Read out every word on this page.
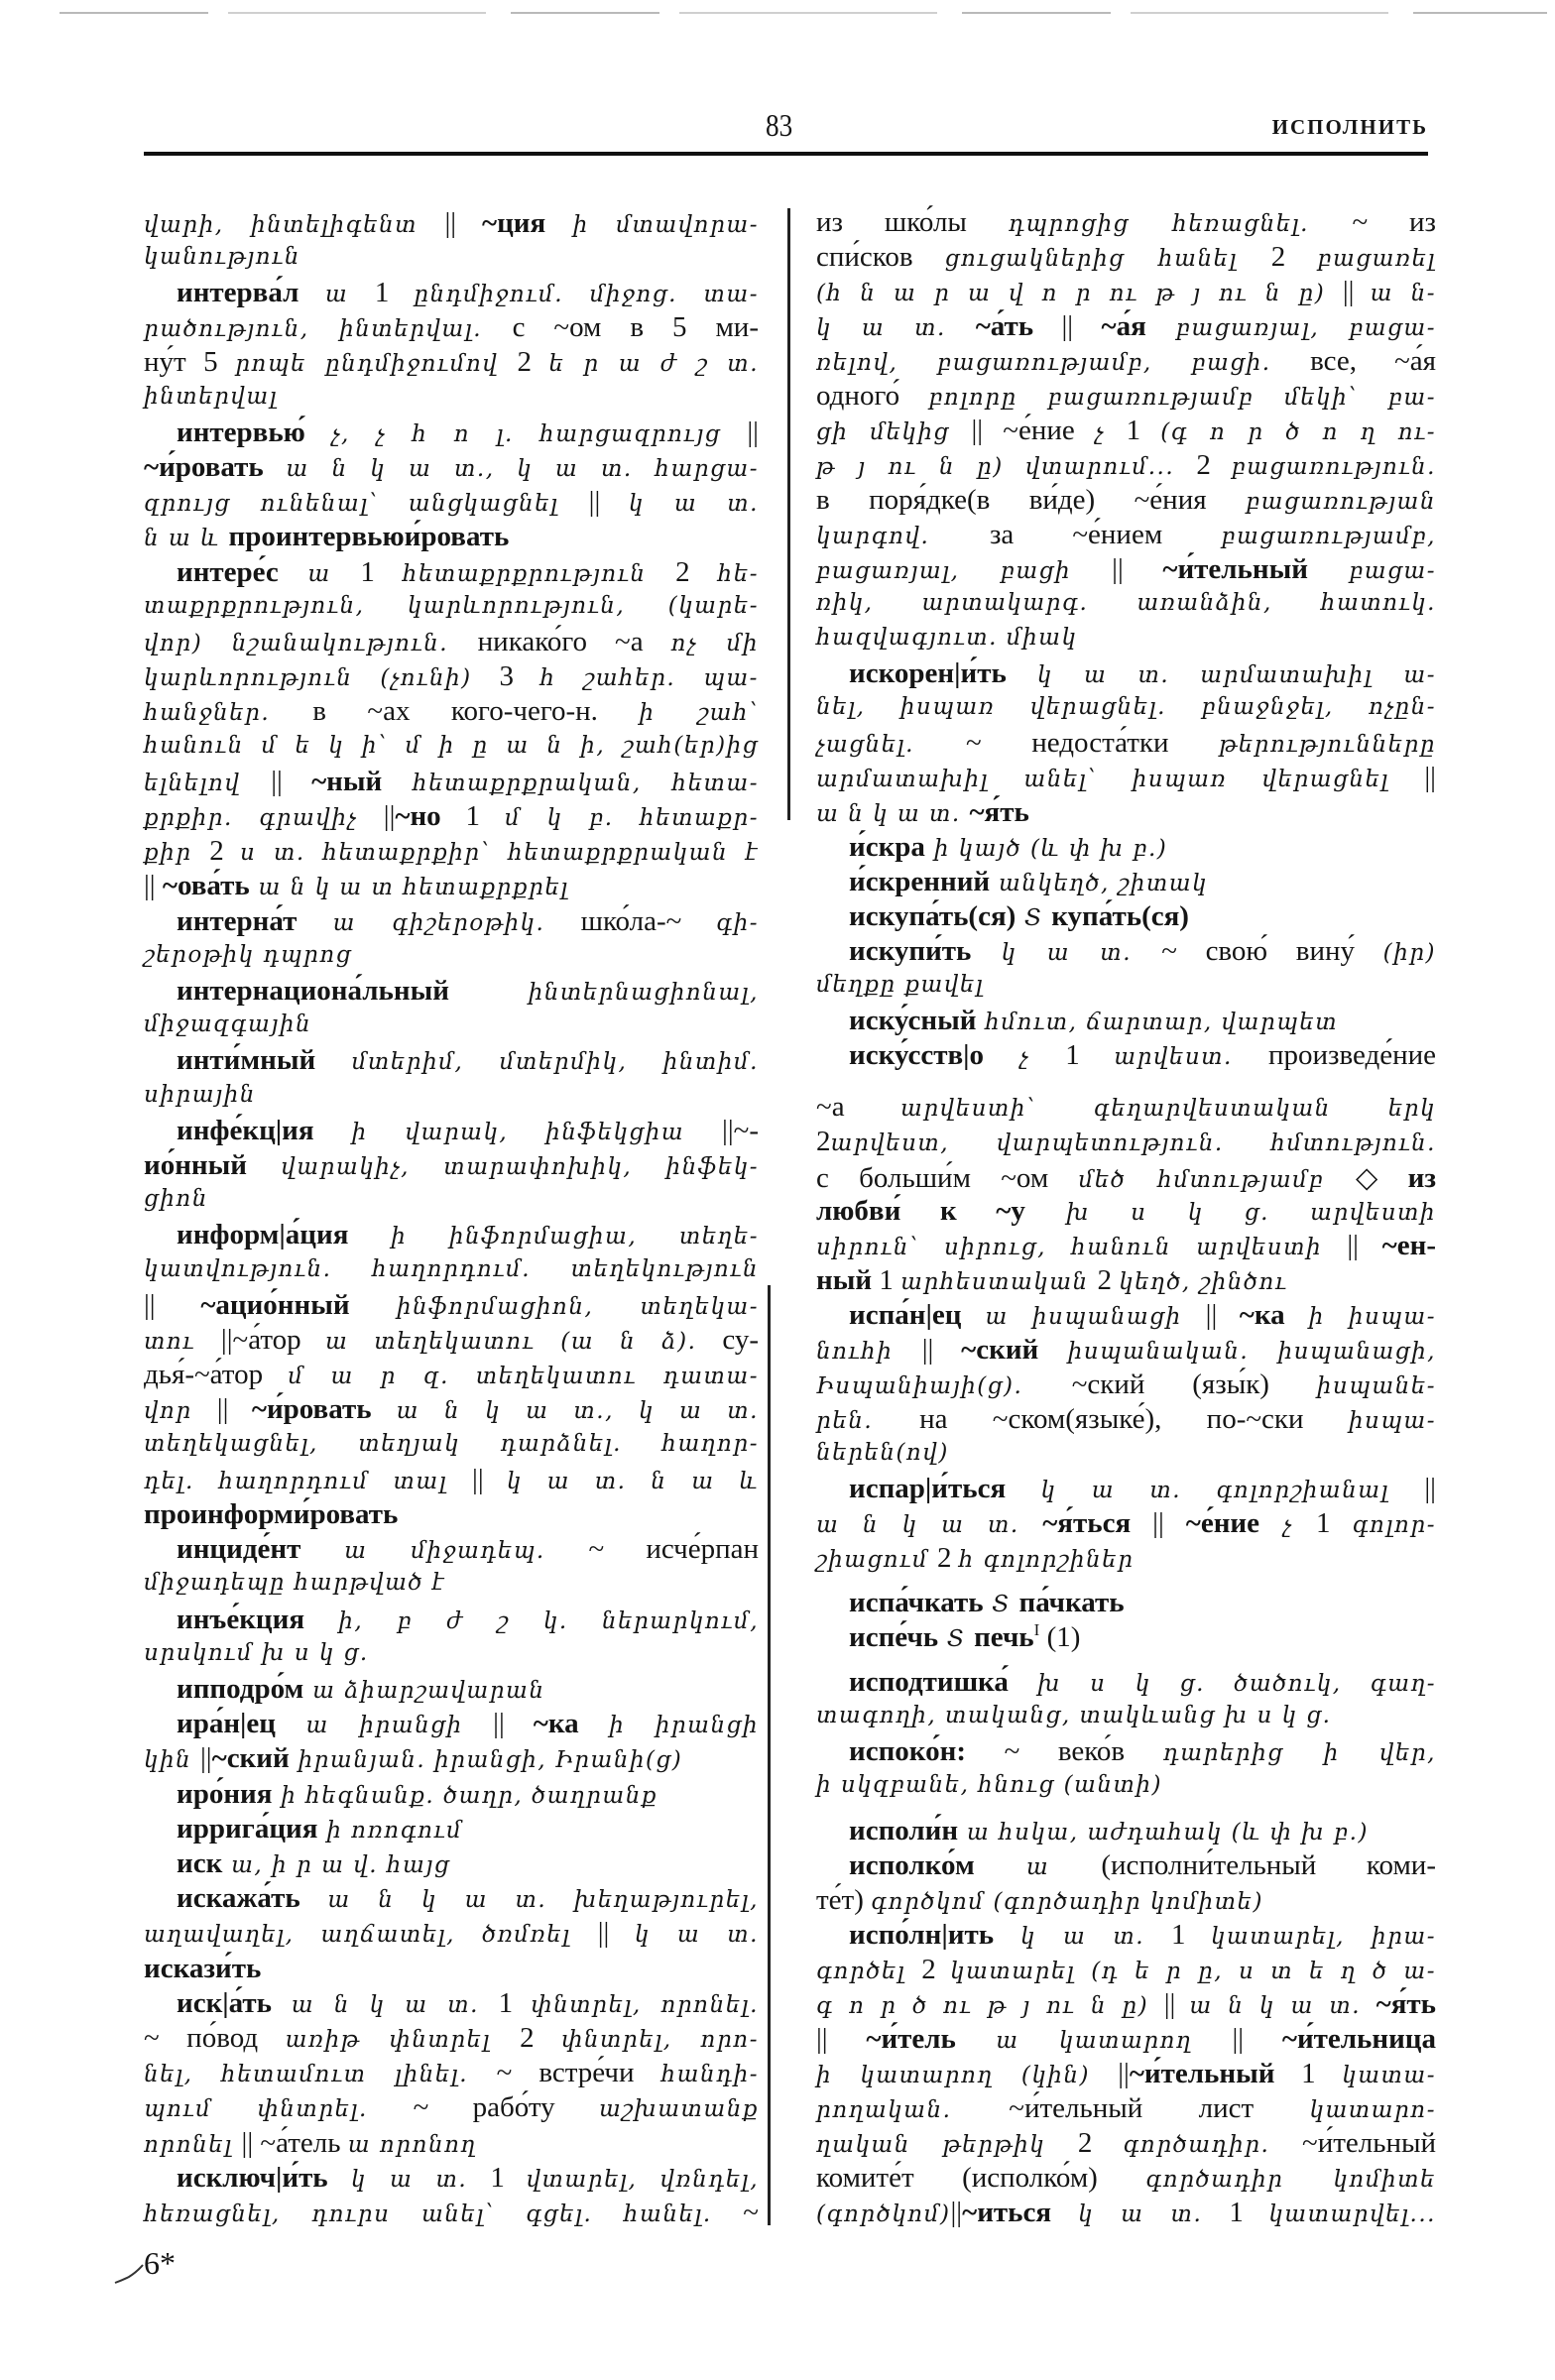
83	ИСПОЛНИТЬ
վարի, ինտելիգենտ || ~ция ի մտավորա-
կանություն
интерва́л ա 1 ընդմիջում. միջոց. տա-
րածություն, ինտերվալ. с ~ом в 5 ми-
ну́т 5 րոպե ընդմիջումով 2 ե ր ա ժ շ տ.
ինտերվալ
интервью́ չ, չ հ ո լ. հարցազրույց ||
~и́ровать ա ն կ ա տ., կ ա տ. հարցա-
զրույց ունենալ՝ անցկացնել || կ ա տ.
ն ա և проинтервьюи́ровать
интере́с ա 1 հետաքրքրություն 2 հե-
տաքրքրություն, կարևորություն, (կարե-
վոր) նշանակություն. никако́го ~а ոչ մի
կարևորություն (չունի) 3 հ շահեր. պա-
հանջներ. в ~ах кого-чего-н. ի շահ՝
հանուն մ ե կ ի՝ մ ի ը ա ն ի, շահ(եր)ից
ելնելով || ~ный հետաքրքրական, հետա-
քրքիր. գրավիչ ||~но 1 մ կ բ. հետաքր-
քիր 2 ս տ. հետաքրքիր՝ հետաքրքրական է
|| ~ова́ть ա ն կ ա տ հետաքրքրել
интерна́т ա գիշերօթիկ. шко́ла-~ գի-
շերօթիկ դպրոց
интернациона́льный ինտերնացիոնալ,
միջազգային
инти́мный մտերիմ, մտերմիկ, ինտիմ.
սիրային
инфе́кц|ия ի վարակ, ինֆեկցիա ||~-
ио́нный վարակիչ, տարափոխիկ, ինֆեկ-
ցիոն
информ|а́ция ի ինֆորմացիա, տեղե-
կատվություն. հաղորդում. տեղեկություն
|| ~ацио́нный ինֆորմացիոն, տեղեկա-
տու ||~а́тор ա տեղեկատու (ա ն ձ). су-
дья́-~а́тор մ ա ր զ. տեղեկատու դատա-
վոր || ~и́ровать ա ն կ ա տ., կ ա տ.
տեղեկացնել, տեղյակ դարձնել. հաղոր-
դել. հաղորդում տալ || կ ա տ. ն ա և
проинформи́ровать
инциде́нт ա միջադեպ. ~ исче́рпан
միջադեպը հարթված է
инъе́кция ի, բ ժ շ կ. ներարկում,
սրսկում խ ս կ ց.
ипподро́м ա ձիարշավարան
ира́н|ец ա իրանցի || ~ка ի իրանցի
կին ||~ский իրանյան. իրանցի, Իրանի(ց)
иро́ния ի հեգնանք. ծաղր, ծաղրանք
иррига́ция ի ոռոգում
иск ա, ի ր ա վ. հայց
искажа́ть ա ն կ ա տ. խեղաթյուրել,
աղավաղել, աղճատել, ծռմռել || կ ա տ.
искази́ть
иск|а́ть ա ն կ ա տ. 1 փնտրել, որոնել.
~ по́вод առիթ փնտրել 2 փնտրել, որո-
նել, հետամուտ լինել. ~ встре́чи հանդի-
պում փնտրել. ~ рабо́ту աշխատանք
որոնել || ~а́тель ա որոնող
исключ|и́ть կ ա տ. 1 վտարել, վռնդել,
հեռացնել, դուրս անել՝ գցել. հանել. ~
из шко́лы դպրոցից հեռացնել. ~ из
спи́сков ցուցակներից հանել 2 բացառել
(հ ն ա ր ա վ ո ր ու թ յ ու ն ը) || ա ն-
կ ա տ. ~а́ть || ~а́я բացառյալ, բացա-
ռելով, բացառությամբ, բացի. все, ~а́я
одного́ բոլորը բացառությամբ մեկի՝ բա-
ցի մեկից || ~е́ние չ 1 (գ ո ր ծ ո ղ ու-
թ յ ու ն ը) վտարում... 2 բացառություն.
в поря́дке(в ви́де) ~е́ния բացառության
կարգով. за ~е́нием բացառությամբ,
բացառյալ, բացի || ~и́тельный բացա-
ռիկ, արտակարգ. առանձին, հատուկ.
հազվագյուտ. միակ
искорен|и́ть կ ա տ. արմատախիլ ա-
նել, իսպառ վերացնել. բնաջնջել, ոչըն-
չացնել. ~ недоста́тки թերությունները
արմատախիլ անել՝ իսպառ վերացնել ||
ա ն կ ա տ. ~я́ть
и́скра ի կայծ (և փ խ բ.)
и́скренний անկեղծ, շիտակ
искупа́ть(ся) Տ купа́ть(ся)
искупи́ть կ ա տ. ~ свою́ вину́ (իր)
մեղքը քավել
иску́сный հմուտ, ճարտար, վարպետ
иску́сств|о չ 1 արվեստ. произведе́ние
~а արվեստի՝ գեղարվեստական երկ
2արվեստ, վարպետություն. հմտություն.
с больши́м ~ом մեծ հմտությամբ ◇ из
любви́ к ~у խ ս կ ց. արվեստի
սիրուն՝ սիրուց, հանուն արվեստի || ~ен-
ный 1 արհեստական 2 կեղծ, շինծու
испа́н|ец ա իսպանացի || ~ка ի իսպա-
նուհի || ~ский իսպանական. իսպանացի,
Իսպանիայի(ց). ~ский (язы́к) իսպանե-
րեն. на ~ском(языке́), по-~ски իսպա-
ներեն(ով)
испар|и́ться կ ա տ. գոլորշիանալ ||
ա ն կ ա տ. ~я́ться || ~е́ние չ 1 գոլոր-
շիացում 2 հ գոլորշիներ
испа́чкать Տ па́чкать
испе́чь Տ печьI (1)
исподтишка́ խ ս կ ց. ծածուկ, գաղ-
տագողի, տականց, տակևանց խ ս կ ց.
испоко́н: ~ веко́в դարերից ի վեր,
ի սկզբանե, հնուց (անտի)
исполи́н ա հսկա, աժդահակ (և փ խ բ.)
исполко́м ա (исполни́тельный коми-
те́т) գործկոմ (գործադիր կոմիտե)
испо́лн|ить կ ա տ. 1 կատարել, իրա-
գործել 2 կատարել (դ ե ր ը, ս տ ե ղ ծ ա-
գ ո ր ծ ու թ յ ու ն ը) || ա ն կ ա տ. ~я́ть
|| ~и́тель ա կատարող || ~и́тельница
ի կատարող (կին) ||~и́тельный 1 կատա-
րողական. ~и́тельный лист կատարո-
ղական թերթիկ 2 գործադիր. ~и́тельный
комите́т (исполко́м) գործադիր կոմիտե
(գործկոմ)||~иться կ ա տ. 1 կատարվել...
6*
